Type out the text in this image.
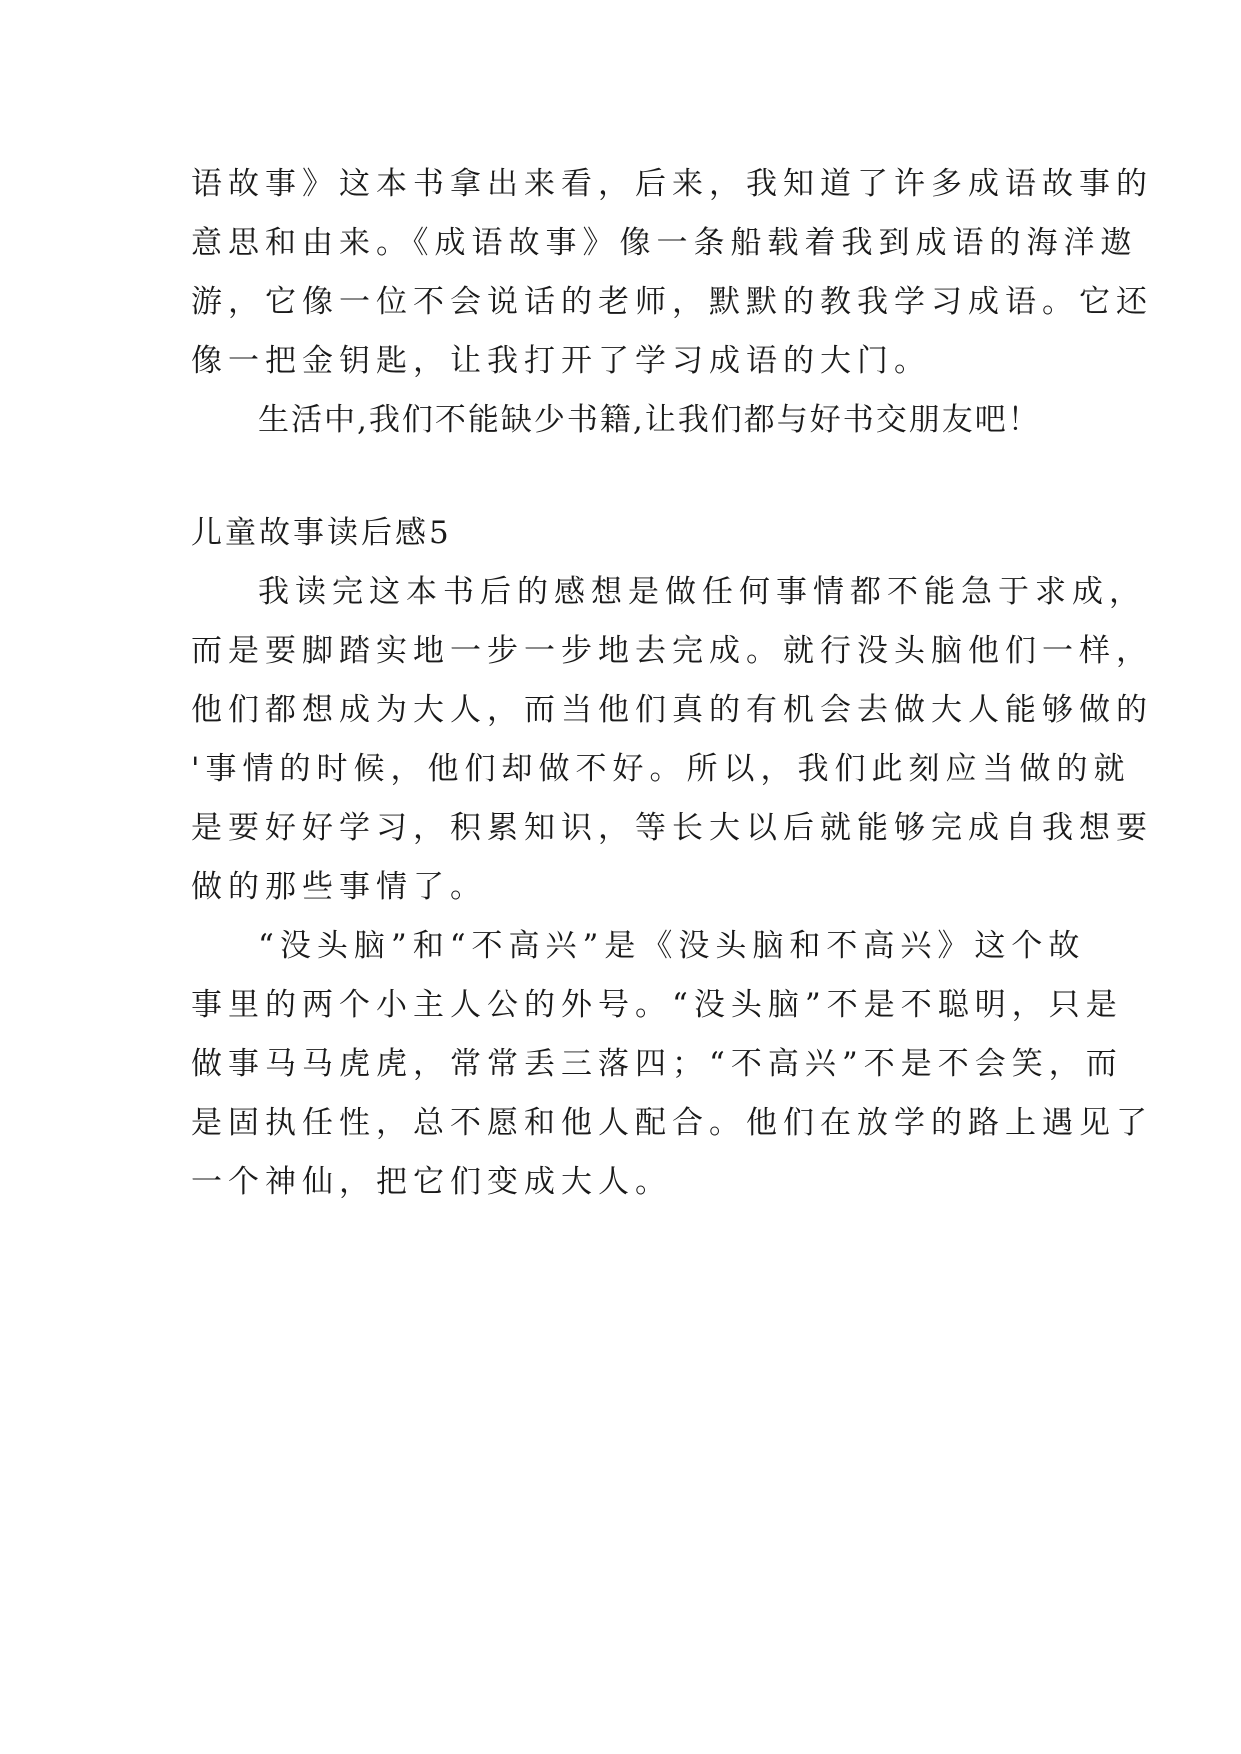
语故事》这本书拿出来看，后来，我知道了许多成语故事的

意思和由来。《成语故事》像一条船载着我到成语的海洋遨

游，它像一位不会说话的老师，默默的教我学习成语。它还

像一把金钥匙，让我打开了学习成语的大门。

生活中,我们不能缺少书籍,让我们都与好书交朋友吧！

儿童故事读后感5

我读完这本书后的感想是做任何事情都不能急于求成，

而是要脚踏实地一步一步地去完成。就行没头脑他们一样，

他们都想成为大人，而当他们真的有机会去做大人能够做的

'事情的时候，他们却做不好。所以，我们此刻应当做的就

是要好好学习，积累知识，等长大以后就能够完成自我想要

做的那些事情了。

“没头脑”和“不高兴”是《没头脑和不高兴》这个故

事里的两个小主人公的外号。“没头脑”不是不聪明，只是

做事马马虎虎，常常丢三落四；“不高兴”不是不会笑，而

是固执任性，总不愿和他人配合。他们在放学的路上遇见了

一个神仙，把它们变成大人。
